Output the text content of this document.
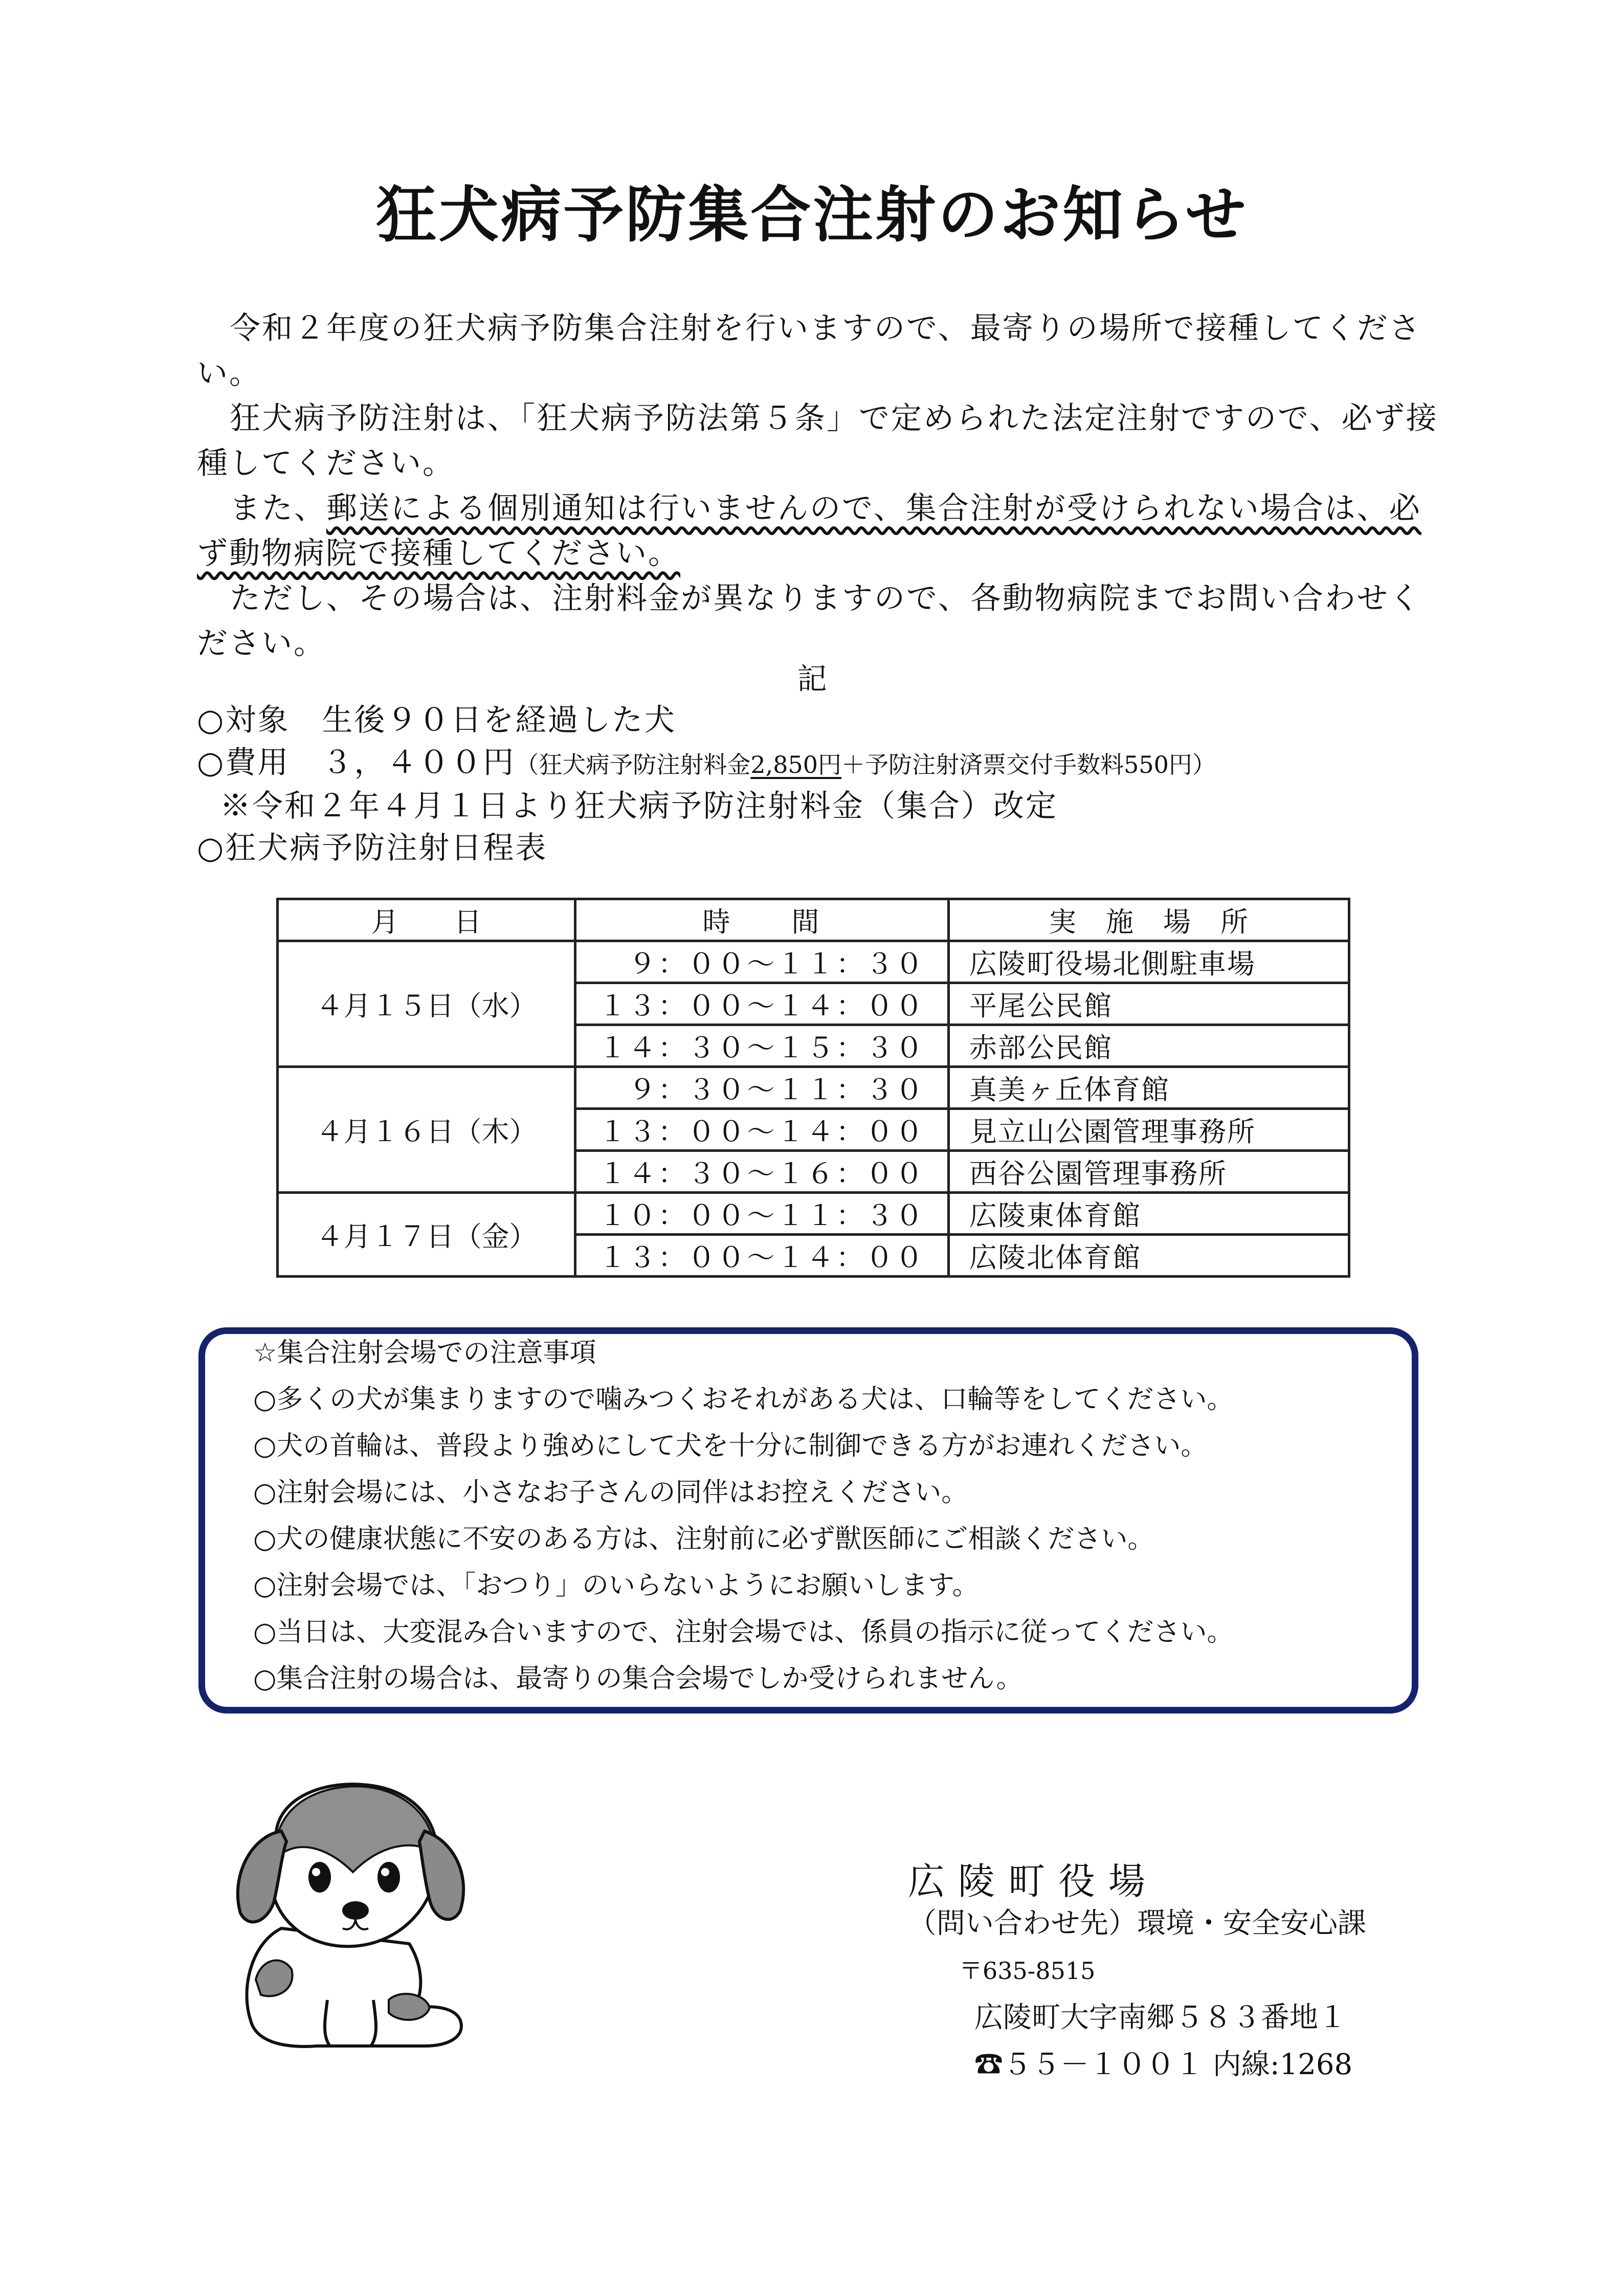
狂犬病予防集合注射のお知らせ

令和２年度の狂犬病予防集合注射を行いますので、最寄りの場所で接種してください。

狂犬病予防注射は、「狂犬病予防法第５条」で定められた法定注射ですので、必ず接種してください。

また、郵送による個別通知は行いませんので、集合注射が受けられない場合は、必ず動物病院で接種してください。

ただし、その場合は、注射料金が異なりますので、各動物病院までお問い合わせください。

記
○対象　生後９０日を経過した犬
○費用　３，４００円（狂犬病予防注射料金2,850円＋予防注射済票交付手数料550円）
※令和２年４月１日より狂犬病予防注射料金（集合）改定
○狂犬病予防注射日程表
月　　日	時　　間	実　施　場　所
４月１５日（水）	　９：００～１１：３０	広陵町役場北側駐車場
	１３：００～１４：００	平尾公民館
	１４：３０～１５：３０	赤部公民館
４月１６日（木）	　９：３０～１１：３０	真美ヶ丘体育館
	１３：００～１４：００	見立山公園管理事務所
	１４：３０～１６：００	西谷公園管理事務所
４月１７日（金）	１０：００～１１：３０	広陵東体育館
	１３：００～１４：００	広陵北体育館
☆集合注射会場での注意事項
○多くの犬が集まりますので噛みつくおそれがある犬は、口輪等をしてください。
○犬の首輪は、普段より強めにして犬を十分に制御できる方がお連れください。
○注射会場には、小さなお子さんの同伴はお控えください。
○犬の健康状態に不安のある方は、注射前に必ず獣医師にご相談ください。
○注射会場では、「おつり」のいらないようにお願いします。
○当日は、大変混み合いますので、注射会場では、係員の指示に従ってください。
○集合注射の場合は、最寄りの集合会場でしか受けられません。
広陵町役場
（問い合わせ先）環境・安全安心課
〒635-8515
広陵町大字南郷５８３番地１
☎５５－１００１ 内線:1268
